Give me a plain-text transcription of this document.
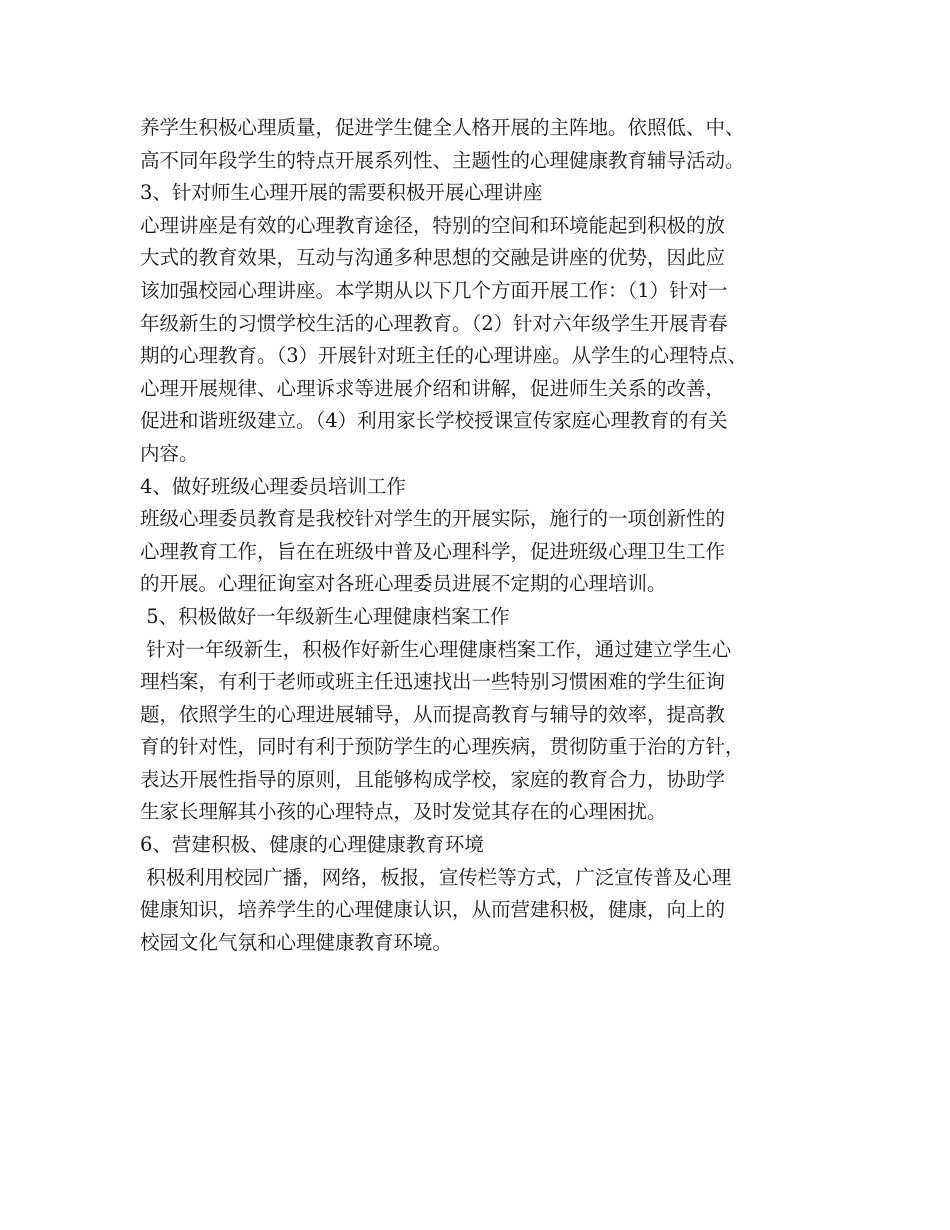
养学生积极心理质量，促进学生健全人格开展的主阵地。依照低、中、
高不同年段学生的特点开展系列性、主题性的心理健康教育辅导活动。
3、针对师生心理开展的需要积极开展心理讲座
心理讲座是有效的心理教育途径，特别的空间和环境能起到积极的放
大式的教育效果，互动与沟通多种思想的交融是讲座的优势，因此应
该加强校园心理讲座。本学期从以下几个方面开展工作：（1）针对一
年级新生的习惯学校生活的心理教育。（2）针对六年级学生开展青春
期的心理教育。（3）开展针对班主任的心理讲座。从学生的心理特点、
心理开展规律、心理诉求等进展介绍和讲解，促进师生关系的改善，
促进和谐班级建立。（4）利用家长学校授课宣传家庭心理教育的有关
内容。
4、做好班级心理委员培训工作
班级心理委员教育是我校针对学生的开展实际，施行的一项创新性的
心理教育工作，旨在在班级中普及心理科学，促进班级心理卫生工作
的开展。心理征询室对各班心理委员进展不定期的心理培训。
5、积极做好一年级新生心理健康档案工作
针对一年级新生，积极作好新生心理健康档案工作，通过建立学生心
理档案，有利于老师或班主任迅速找出一些特别习惯困难的学生征询
题，依照学生的心理进展辅导，从而提高教育与辅导的效率，提高教
育的针对性，同时有利于预防学生的心理疾病，贯彻防重于治的方针，
表达开展性指导的原则，且能够构成学校，家庭的教育合力，协助学
生家长理解其小孩的心理特点，及时发觉其存在的心理困扰。
6、营建积极、健康的心理健康教育环境
积极利用校园广播，网络，板报，宣传栏等方式，广泛宣传普及心理
健康知识，培养学生的心理健康认识，从而营建积极，健康，向上的
校园文化气氛和心理健康教育环境。
